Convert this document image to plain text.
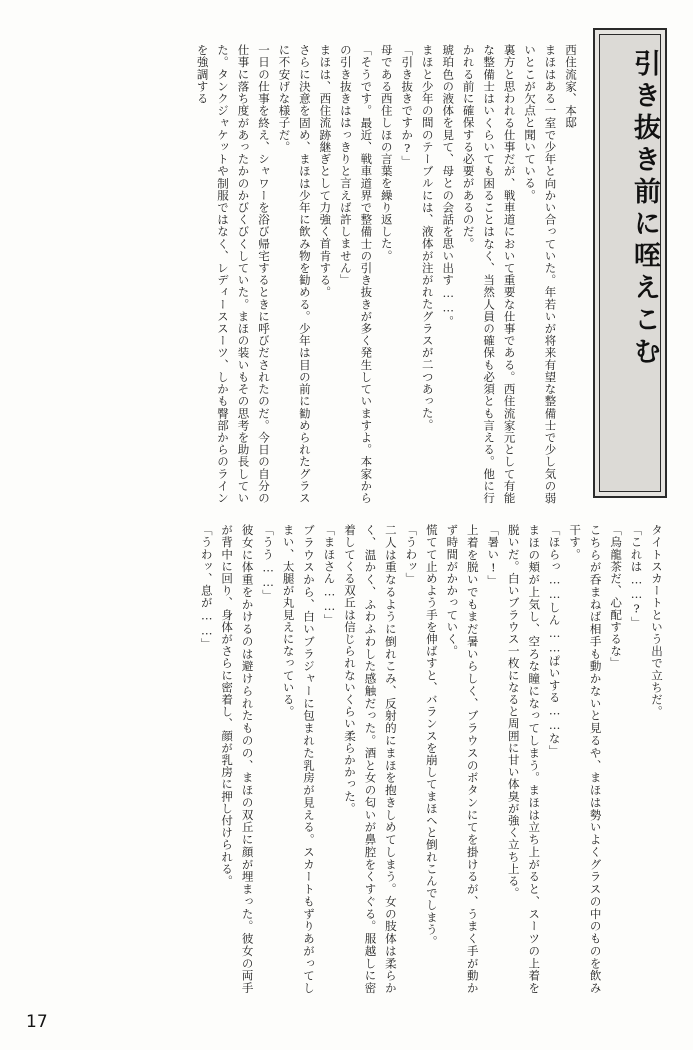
引き抜き前に咥えこむ

西住流家、本邸

まほはある一室で少年と向かい合っていた。年若いが将来有望な整備士で少し気の弱いとこが欠点と聞いている。

裏方と思われる仕事だが、戦車道において重要な仕事である。西住流家元として有能な整備士はいくらいても困ることはなく、当然人員の確保も必須とも言える。他に行かれる前に確保する必要があるのだ。

琥珀色の液体を見て、母との会話を思い出す……。

まほと少年の間のテーブルには、液体が注がれたグラスが二つあった。

「引き抜きですか?」

母である西住しほの言葉を繰り返した。

「そうです。最近、戦車道界で整備士の引き抜きが多く発生していますよ。本家からの引き抜きははっきりと言えば許しません」

まほは、西住流跡継ぎとして力強く首肯する。

さらに決意を固め、まほは少年に飲み物を勧める。少年は目の前に勧められたグラスに不安げな様子だ。

一日の仕事を終え、シャワーを浴び帰宅するときに呼びだされたのだ。今日の自分の仕事に落ち度があったかのかびくびくしていた。まほの装いもその思考を助長していた。タンクジャケットや制服ではなく、レディーススーツ、しかも臀部からのラインを強調する

タイトスカートという出で立ちだ。

「これは……?」

「烏龍茶だ、心配するな」

こちらが呑まねば相手も動かないと見るや、まほは勢いよくグラスの中のものを飲み干す。

「ほらっ……しん……ぱいする……な」

まほの頬が上気し、空ろな瞳になってしまう。まほは立ち上がると、スーツの上着を脱いだ。白いブラウス一枚になると周囲に甘い体臭が強く立ち上る。

「暑い!」

上着を脱いでもまだ暑いらしく、ブラウスのボタンにてを掛けるが、うまく手が動かず時間がかかっていく。

慌てて止めよう手を伸ばすと、バランスを崩してまほへと倒れこんでしまう。

「うわッ」

二人は重なるように倒れこみ、反射的にまほを抱きしめてしまう。女の肢体は柔らかく、温かく、ふわふわした感触だった。酒と女の匂いが鼻腔をくすぐる。服越しに密着してくる双丘は信じられないくらい柔らかかった。

「まほさん……」

ブラウスから、白いブラジャーに包まれた乳房が見える。スカートもずりあがってしまい、太腿が丸見えになっている。

「うう……」

彼女に体重をかけるのは避けられたものの、まほの双丘に顔が埋まった。彼女の両手が背中に回り、身体がさらに密着し、顔が乳房に押し付けられる。

「うわッ、息が……」

17
